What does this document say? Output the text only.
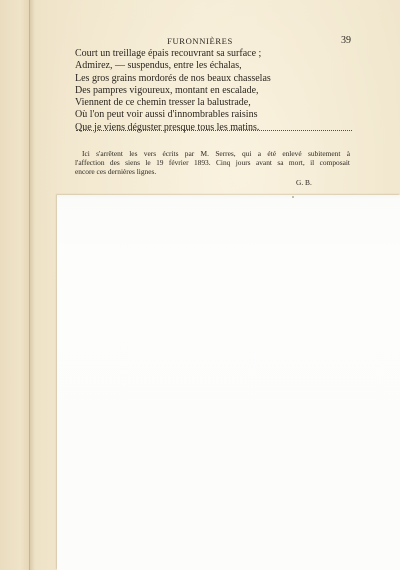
FURONNIÈRES	39
Court un treillage épais recouvrant sa surface ;
Admirez, — suspendus, entre les échalas,
Les gros grains mordorés de nos beaux chasselas
Des pampres vigoureux, montant en escalade,
Viennent de ce chemin tresser la balustrade,
Où l'on peut voir aussi d'innombrables raisins
Que je viens déguster presque tous les matins.
Ici s'arrêtent les vers écrits par M. Serres, qui a été enlevé subitement à
l'affection des siens le 19 février 1893. Cinq jours avant sa mort, il composait
encore ces dernières lignes.
G. B.
